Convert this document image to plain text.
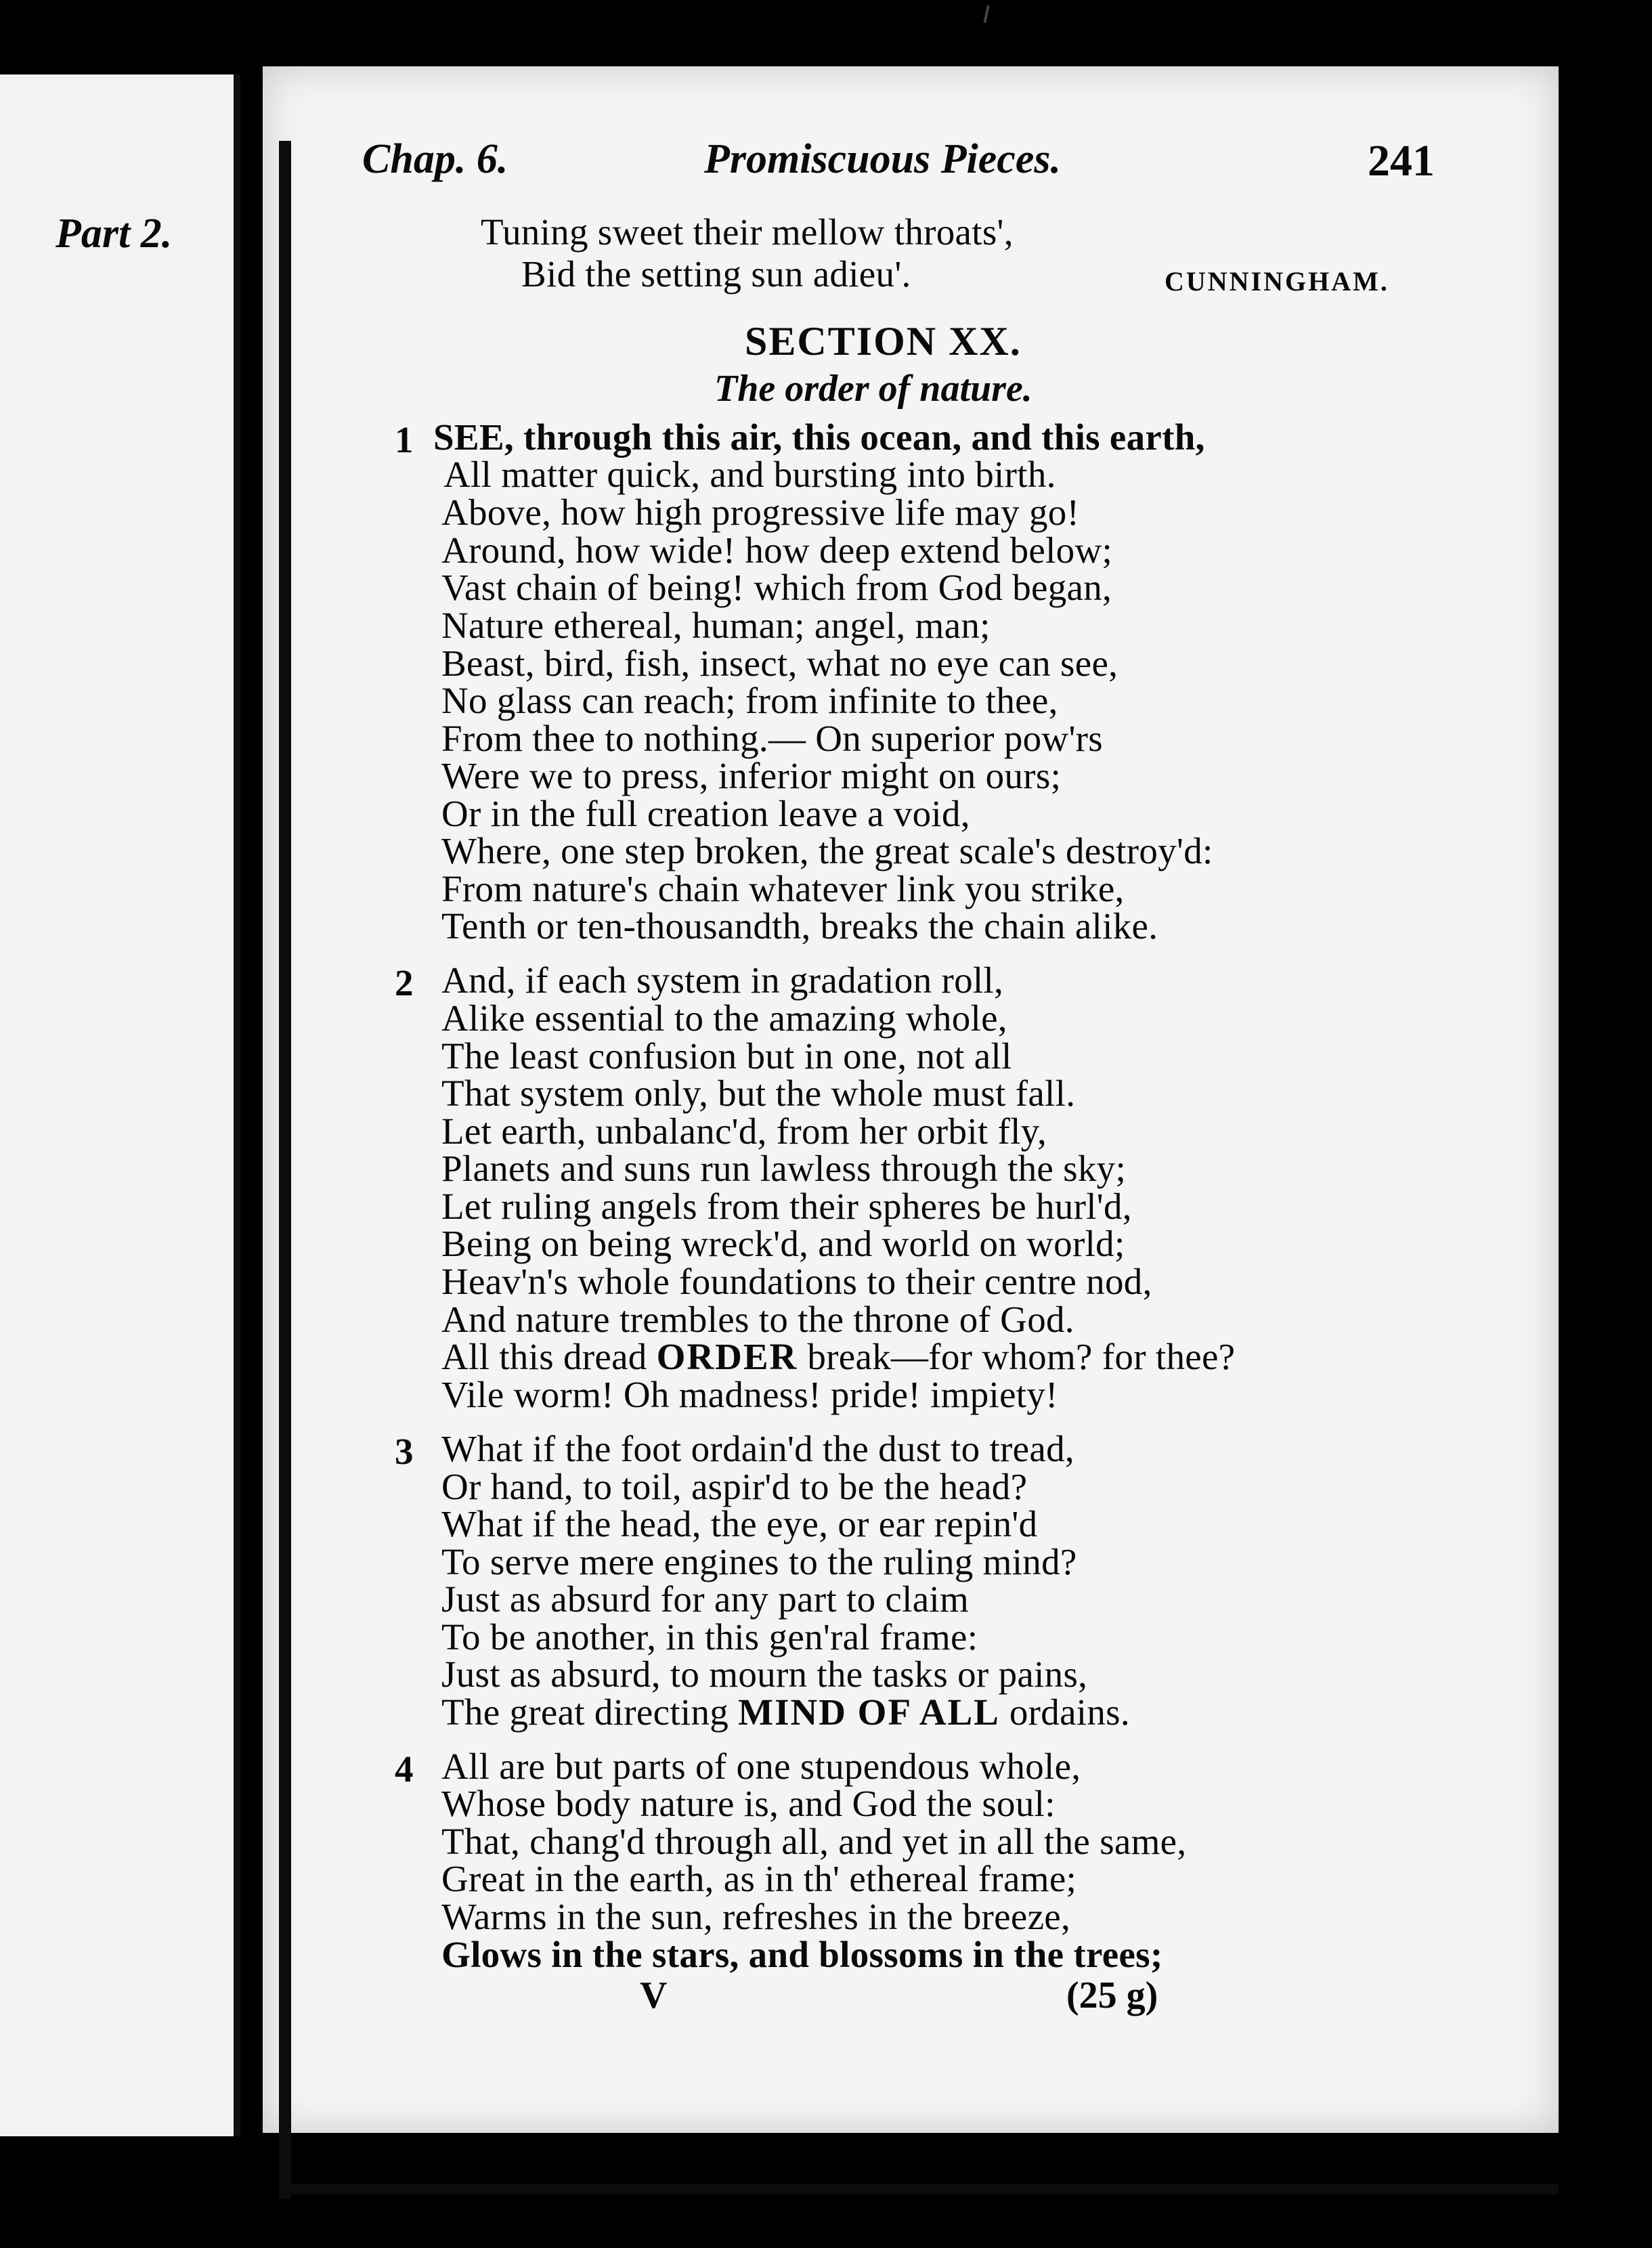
Part 2.
Chap. 6.	Promiscuous Pieces.	241
Tuning sweet their mellow throats',
Bid the setting sun adieu'.	CUNNINGHAM.
SECTION XX.
The order of nature.
1 SEE, through this air, this ocean, and this earth,
All matter quick, and bursting into birth.
Above, how high progressive life may go!
Around, how wide! how deep extend below;
Vast chain of being! which from God began,
Nature ethereal, human; angel, man;
Beast, bird, fish, insect, what no eye can see,
No glass can reach; from infinite to thee,
From thee to nothing.— On superior pow'rs
Were we to press, inferior might on ours;
Or in the full creation leave a void,
Where, one step broken, the great scale's destroy'd:
From nature's chain whatever link you strike,
Tenth or ten-thousandth, breaks the chain alike.
2 And, if each system in gradation roll,
Alike essential to the amazing whole,
The least confusion but in one, not all
That system only, but the whole must fall.
Let earth, unbalanc'd, from her orbit fly,
Planets and suns run lawless through the sky;
Let ruling angels from their spheres be hurl'd,
Being on being wreck'd, and world on world;
Heav'n's whole foundations to their centre nod,
And nature trembles to the throne of God.
All this dread ORDER break—for whom? for thee?
Vile worm! Oh madness! pride! impiety!
3 What if the foot ordain'd the dust to tread,
Or hand, to toil, aspir'd to be the head?
What if the head, the eye, or ear repin'd
To serve mere engines to the ruling mind?
Just as absurd for any part to claim
To be another, in this gen'ral frame:
Just as absurd, to mourn the tasks or pains,
The great directing MIND OF ALL ordains.
4 All are but parts of one stupendous whole,
Whose body nature is, and God the soul:
That, chang'd through all, and yet in all the same,
Great in the earth, as in th' ethereal frame;
Warms in the sun, refreshes in the breeze,
Glows in the stars, and blossoms in the trees;
V	(25 g)
